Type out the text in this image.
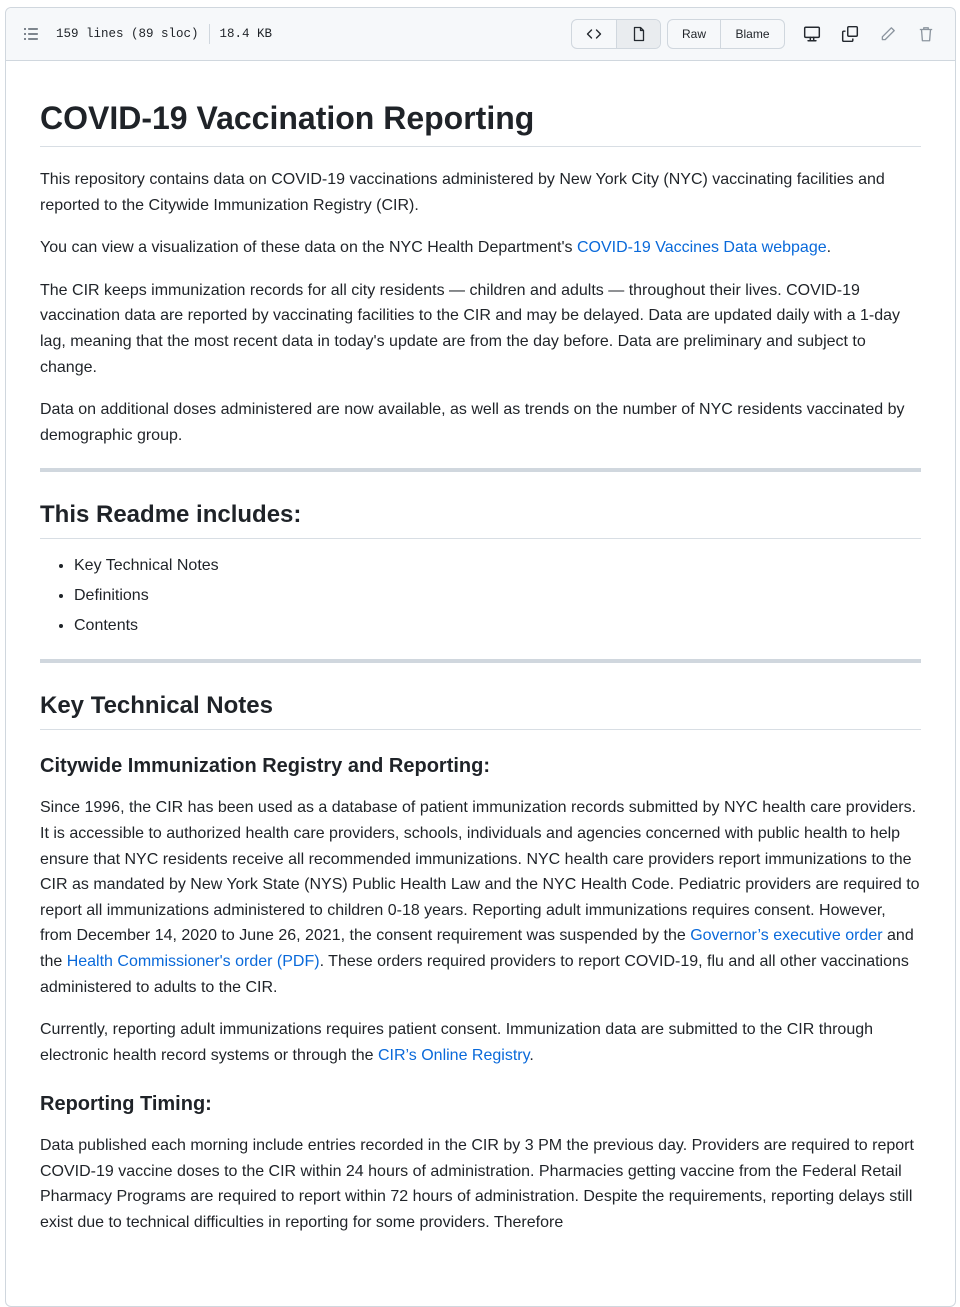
159 lines (89 sloc) 18.4 KB	Raw	Blame
COVID-19 Vaccination Reporting

This repository contains data on COVID-19 vaccinations administered by New York City (NYC) vaccinating facilities and reported to the Citywide Immunization Registry (CIR).

You can view a visualization of these data on the NYC Health Department's COVID-19 Vaccines Data webpage.

The CIR keeps immunization records for all city residents — children and adults — throughout their lives. COVID-19 vaccination data are reported by vaccinating facilities to the CIR and may be delayed. Data are updated daily with a 1-day lag, meaning that the most recent data in today's update are from the day before. Data are preliminary and subject to change.

Data on additional doses administered are now available, as well as trends on the number of NYC residents vaccinated by demographic group.

This Readme includes:
• Key Technical Notes
• Definitions
• Contents
Key Technical Notes
Citywide Immunization Registry and Reporting:

Since 1996, the CIR has been used as a database of patient immunization records submitted by NYC health care providers. It is accessible to authorized health care providers, schools, individuals and agencies concerned with public health to help ensure that NYC residents receive all recommended immunizations. NYC health care providers report immunizations to the CIR as mandated by New York State (NYS) Public Health Law and the NYC Health Code. Pediatric providers are required to report all immunizations administered to children 0-18 years. Reporting adult immunizations requires consent. However, from December 14, 2020 to June 26, 2021, the consent requirement was suspended by the Governor’s executive order and the Health Commissioner's order (PDF). These orders required providers to report COVID-19, flu and all other vaccinations administered to adults to the CIR.

Currently, reporting adult immunizations requires patient consent. Immunization data are submitted to the CIR through electronic health record systems or through the CIR’s Online Registry.

Reporting Timing:

Data published each morning include entries recorded in the CIR by 3 PM the previous day. Providers are required to report COVID-19 vaccine doses to the CIR within 24 hours of administration. Pharmacies getting vaccine from the Federal Retail Pharmacy Programs are required to report within 72 hours of administration. Despite the requirements, reporting delays still exist due to technical difficulties in reporting for some providers. Therefore
